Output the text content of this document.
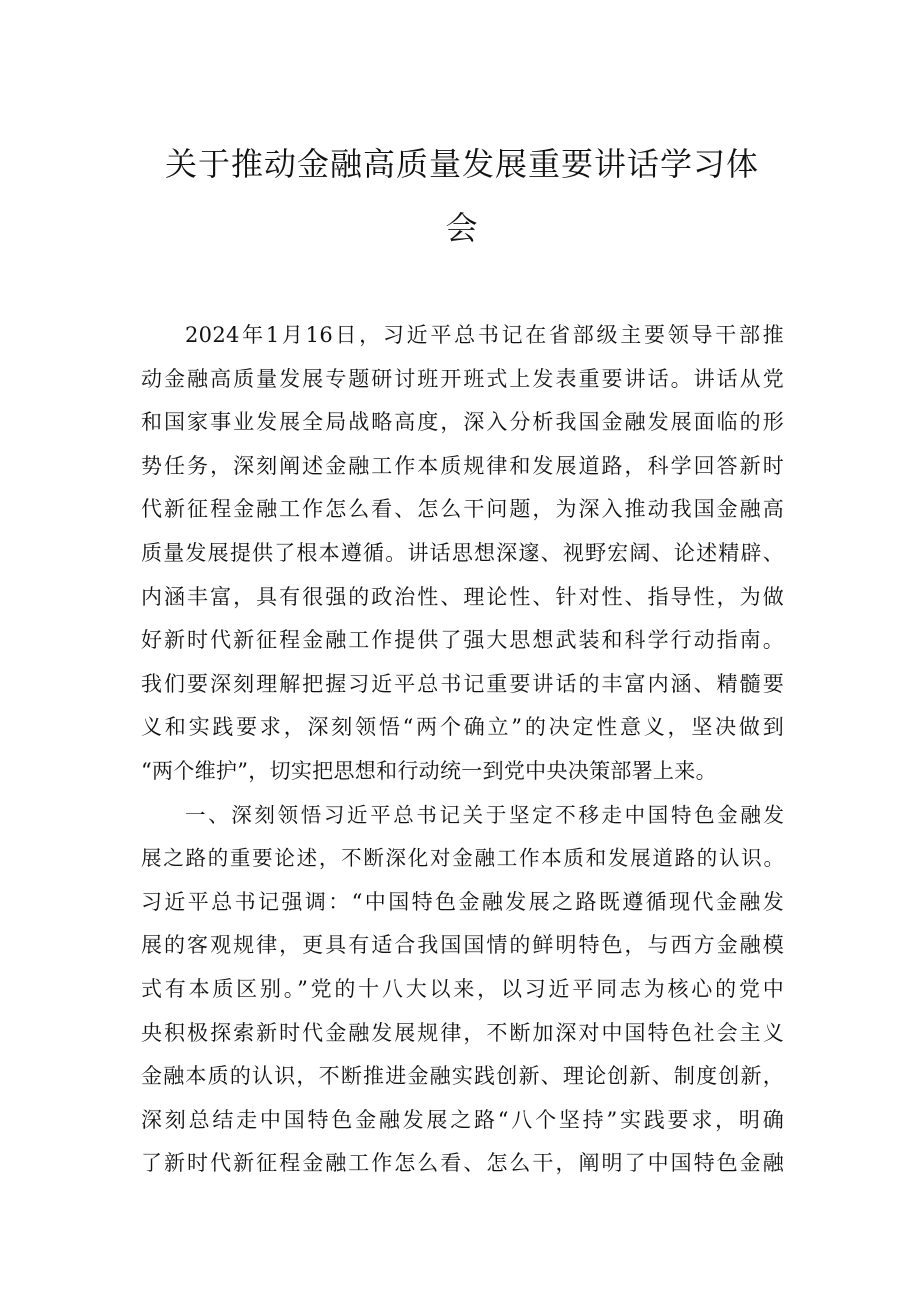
关于推动金融高质量发展重要讲话学习体
会
2024年1月16日，习近平总书记在省部级主要领导干部推
动金融高质量发展专题研讨班开班式上发表重要讲话。讲话从党
和国家事业发展全局战略高度，深入分析我国金融发展面临的形
势任务，深刻阐述金融工作本质规律和发展道路，科学回答新时
代新征程金融工作怎么看、怎么干问题，为深入推动我国金融高
质量发展提供了根本遵循。讲话思想深邃、视野宏阔、论述精辟、
内涵丰富，具有很强的政治性、理论性、针对性、指导性，为做
好新时代新征程金融工作提供了强大思想武装和科学行动指南。
我们要深刻理解把握习近平总书记重要讲话的丰富内涵、精髓要
义和实践要求，深刻领悟“两个确立”的决定性意义，坚决做到
“两个维护”，切实把思想和行动统一到党中央决策部署上来。
一、深刻领悟习近平总书记关于坚定不移走中国特色金融发
展之路的重要论述，不断深化对金融工作本质和发展道路的认识。
习近平总书记强调：“中国特色金融发展之路既遵循现代金融发
展的客观规律，更具有适合我国国情的鲜明特色，与西方金融模
式有本质区别。”党的十八大以来，以习近平同志为核心的党中
央积极探索新时代金融发展规律，不断加深对中国特色社会主义
金融本质的认识，不断推进金融实践创新、理论创新、制度创新，
深刻总结走中国特色金融发展之路“八个坚持”实践要求，明确
了新时代新征程金融工作怎么看、怎么干，阐明了中国特色金融
